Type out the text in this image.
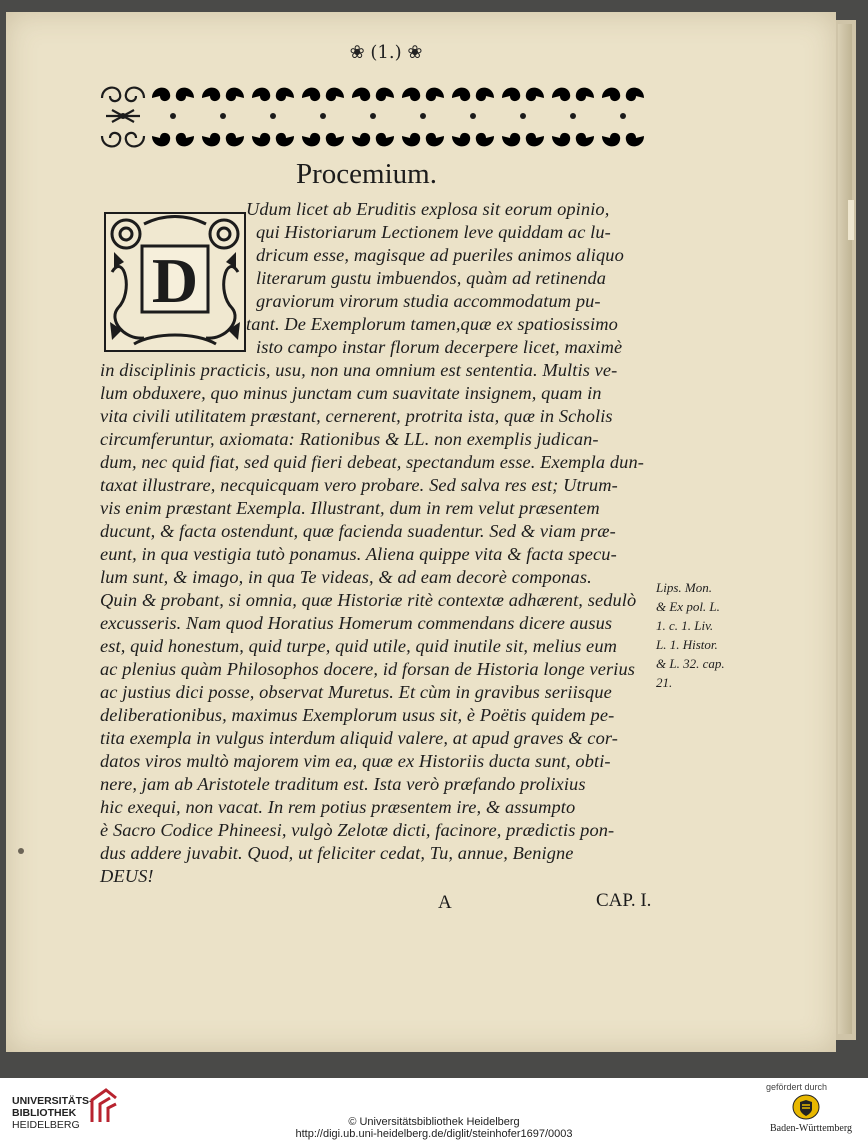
❀ (1.) ❀
Procemium.
D
Udum licet ab Eruditis explosa sit eorum opinio,
qui Historiarum Lectionem leve quiddam ac lu-
dricum esse, magisque ad pueriles animos aliquo
literarum gustu imbuendos, quàm ad retinenda
graviorum virorum studia accommodatum pu-
tant. De Exemplorum tamen,quæ ex spatiosissimo
isto campo instar florum decerpere licet, maximè
in disciplinis practicis, usu, non una omnium est sententia. Multis ve-
lum obduxere, quo minus junctam cum suavitate insignem, quam in
vita civili utilitatem præstant, cernerent, protrita ista, quæ in Scholis
circumferuntur, axiomata: Rationibus & LL. non exemplis judican-
dum, nec quid fiat, sed quid fieri debeat, spectandum esse. Exempla dun-
taxat illustrare, necquicquam vero probare. Sed salva res est; Utrum-
vis enim præstant Exempla. Illustrant, dum in rem velut præsentem
ducunt, & facta ostendunt, quæ facienda suadentur. Sed & viam præ-
eunt, in qua vestigia tutò ponamus. Aliena quippe vita & facta specu-
lum sunt, & imago, in qua Te videas, & ad eam decorè componas.
Quin & probant, si omnia, quæ Historiæ ritè contextæ adhærent, sedulò
excusseris. Nam quod Horatius Homerum commendans dicere ausus
est, quid honestum, quid turpe, quid utile, quid inutile sit, melius eum
ac plenius quàm Philosophos docere, id forsan de Historia longe verius
ac justius dici posse, observat Muretus. Et cùm in gravibus seriisque
deliberationibus, maximus Exemplorum usus sit, è Poëtis quidem pe-
tita exempla in vulgus interdum aliquid valere, at apud graves & cor-
datos viros multò majorem vim ea, quæ ex Historiis ducta sunt, obti-
nere, jam ab Aristotele traditum est. Ista verò præfando prolixius
hic exequi, non vacat. In rem potius præsentem ire, & assumpto
è Sacro Codice Phineesi, vulgò Zelotæ dicti, facinore, prædictis pon-
dus addere juvabit. Quod, ut feliciter cedat, Tu, annue, Benigne
DEUS!
Lips. Mon.
& Ex pol. L.
1. c. 1. Liv.
L. 1. Histor.
& L. 32. cap.
21.
A	CAP. I.
UNIVERSITÄTS-
BIBLIOTHEK
HEIDELBERG	© Universitätsbibliothek Heidelberg
http://digi.ub.uni-heidelberg.de/diglit/steinhofer1697/0003
gefördert durch
Baden-Württemberg
